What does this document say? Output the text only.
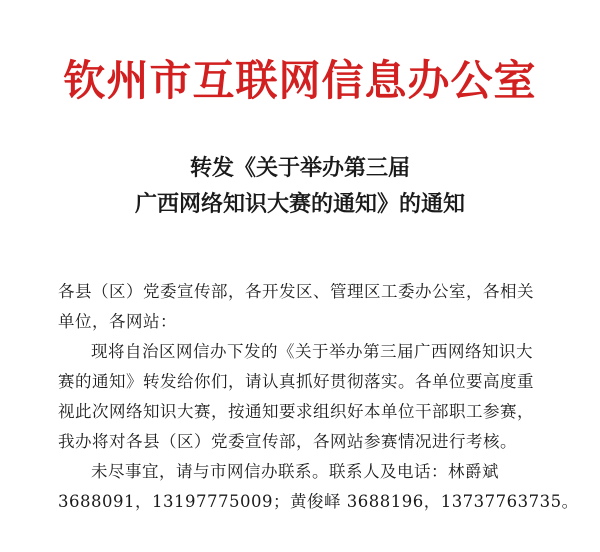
钦州市互联网信息办公室
转发《关于举办第三届
广西网络知识大赛的通知》的通知
各县（区）党委宣传部，各开发区、管理区工委办公室，各相关
单位，各网站：
现将自治区网信办下发的《关于举办第三届广西网络知识大
赛的通知》转发给你们，请认真抓好贯彻落实。各单位要高度重
视此次网络知识大赛，按通知要求组织好本单位干部职工参赛，
我办将对各县（区）党委宣传部，各网站参赛情况进行考核。
未尽事宜，请与市网信办联系。联系人及电话：林爵斌
3688091，13197775009；黄俊峄 3688196，13737763735。
